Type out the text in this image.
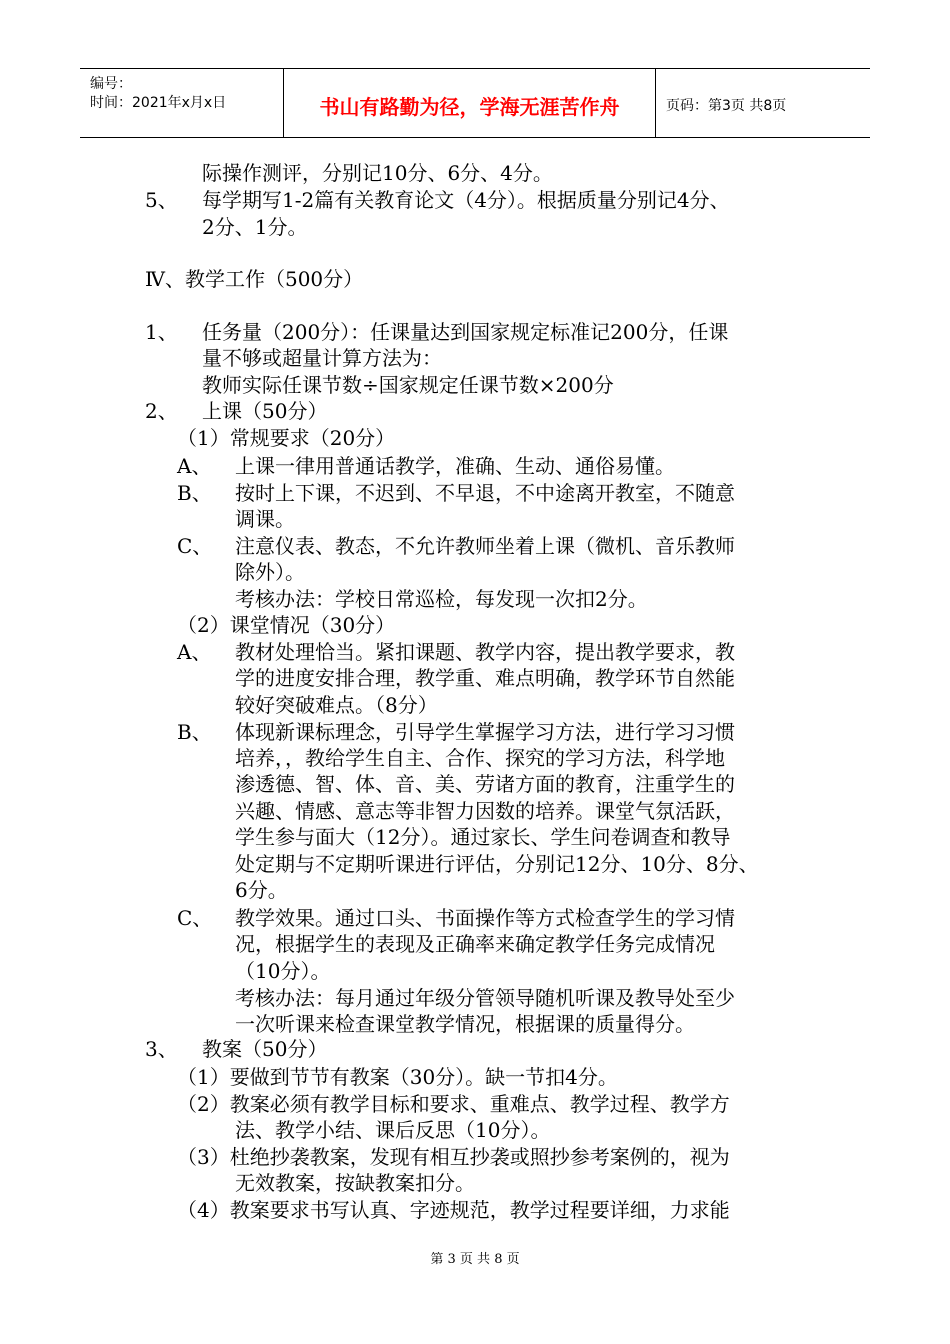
编号：
时间：2021年x月x日	书山有路勤为径，学海无涯苦作舟	页码：第3页 共8页
际操作测评，分别记10分、6分、4分。
5、 每学期写1-2篇有关教育论文（4分）。根据质量分别记4分、
2分、1分。
Ⅳ、教学工作（500分）
1、 任务量（200分）：任课量达到国家规定标准记200分，任课
量不够或超量计算方法为：
教师实际任课节数÷国家规定任课节数×200分
2、 上课（50分）
（1）常规要求（20分）
A、 上课一律用普通话教学，准确、生动、通俗易懂。
B、 按时上下课，不迟到、不早退，不中途离开教室，不随意
调课。
C、 注意仪表、教态，不允许教师坐着上课（微机、音乐教师
除外）。
考核办法：学校日常巡检，每发现一次扣2分。
（2）课堂情况（30分）
A、 教材处理恰当。紧扣课题、教学内容，提出教学要求，教
学的进度安排合理，教学重、难点明确，教学环节自然能
较好突破难点。（8分）
B、 体现新课标理念，引导学生掌握学习方法，进行学习习惯
培养，，教给学生自主、合作、探究的学习方法，科学地
渗透德、智、体、音、美、劳诸方面的教育，注重学生的
兴趣、情感、意志等非智力因数的培养。课堂气氛活跃，
学生参与面大（12分）。通过家长、学生问卷调查和教导
处定期与不定期听课进行评估，分别记12分、10分、8分、
6分。
C、 教学效果。通过口头、书面操作等方式检查学生的学习情
况，根据学生的表现及正确率来确定教学任务完成情况
（10分）。
考核办法：每月通过年级分管领导随机听课及教导处至少
一次听课来检查课堂教学情况，根据课的质量得分。
3、 教案（50分）
（1）要做到节节有教案（30分）。缺一节扣4分。
（2）教案必须有教学目标和要求、重难点、教学过程、教学方
法、教学小结、课后反思（10分）。
（3）杜绝抄袭教案，发现有相互抄袭或照抄参考案例的，视为
无效教案，按缺教案扣分。
（4）教案要求书写认真、字迹规范，教学过程要详细，力求能
第 3 页 共 8 页
